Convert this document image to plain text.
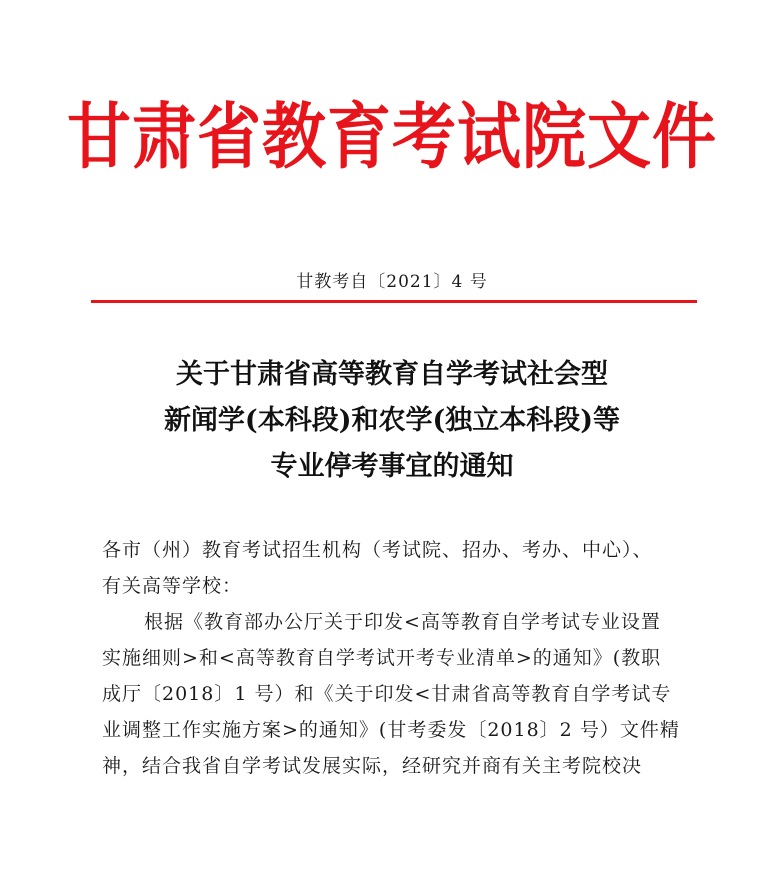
甘肃省教育考试院文件
甘教考自〔2021〕4 号
关于甘肃省高等教育自学考试社会型
新闻学(本科段)和农学(独立本科段)等
专业停考事宜的通知
各市（州）教育考试招生机构（考试院、招办、考办、中心）、
有关高等学校：
根据《教育部办公厅关于印发<高等教育自学考试专业设置
实施细则>和<高等教育自学考试开考专业清单>的通知》(教职
成厅〔2018〕1 号）和《关于印发<甘肃省高等教育自学考试专
业调整工作实施方案>的通知》(甘考委发〔2018〕2 号）文件精
神，结合我省自学考试发展实际，经研究并商有关主考院校决
